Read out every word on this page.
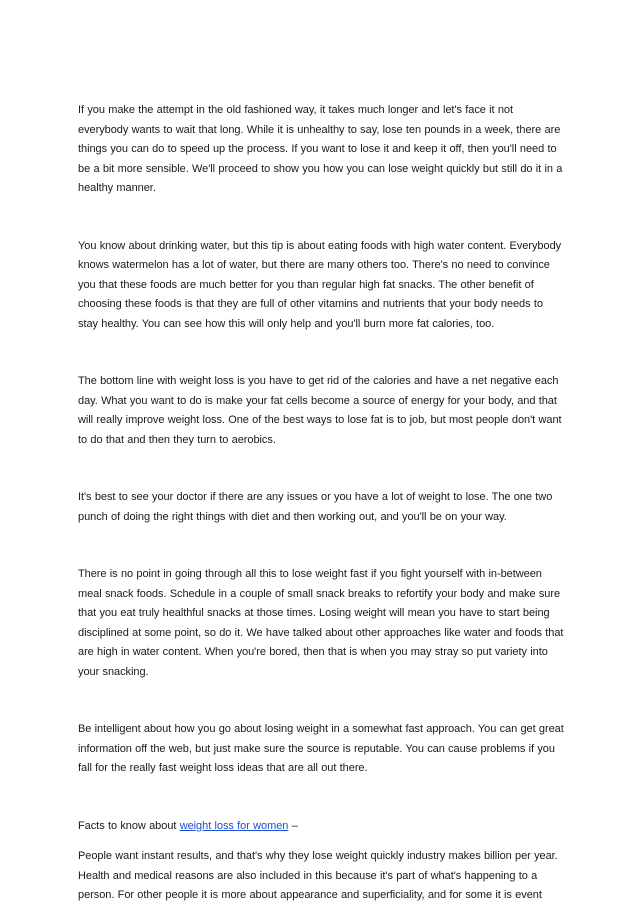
If you make the attempt in the old fashioned way, it takes much longer and let's face it not everybody wants to wait that long. While it is unhealthy to say, lose ten pounds in a week, there are things you can do to speed up the process. If you want to lose it and keep it off, then you'll need to be a bit more sensible. We'll proceed to show you how you can lose weight quickly but still do it in a healthy manner.

You know about drinking water, but this tip is about eating foods with high water content. Everybody knows watermelon has a lot of water, but there are many others too. There's no need to convince you that these foods are much better for you than regular high fat snacks. The other benefit of choosing these foods is that they are full of other vitamins and nutrients that your body needs to stay healthy. You can see how this will only help and you'll burn more fat calories, too.

The bottom line with weight loss is you have to get rid of the calories and have a net negative each day. What you want to do is make your fat cells become a source of energy for your body, and that will really improve weight loss. One of the best ways to lose fat is to job, but most people don't want to do that and then they turn to aerobics.

It's best to see your doctor if there are any issues or you have a lot of weight to lose. The one two punch of doing the right things with diet and then working out, and you'll be on your way.

There is no point in going through all this to lose weight fast if you fight yourself with in-between meal snack foods. Schedule in a couple of small snack breaks to refortify your body and make sure that you eat truly healthful snacks at those times. Losing weight will mean you have to start being disciplined at some point, so do it. We have talked about other approaches like water and foods that are high in water content. When you're bored, then that is when you may stray so put variety into your snacking.

Be intelligent about how you go about losing weight in a somewhat fast approach. You can get great information off the web, but just make sure the source is reputable. You can cause problems if you fall for the really fast weight loss ideas that are all out there.

Facts to know about weight loss for women –

People want instant results, and that's why they lose weight quickly industry makes billion per year. Health and medical reasons are also included in this because it's part of what's happening to a person. For other people it is more about appearance and superficiality, and for some it is event
